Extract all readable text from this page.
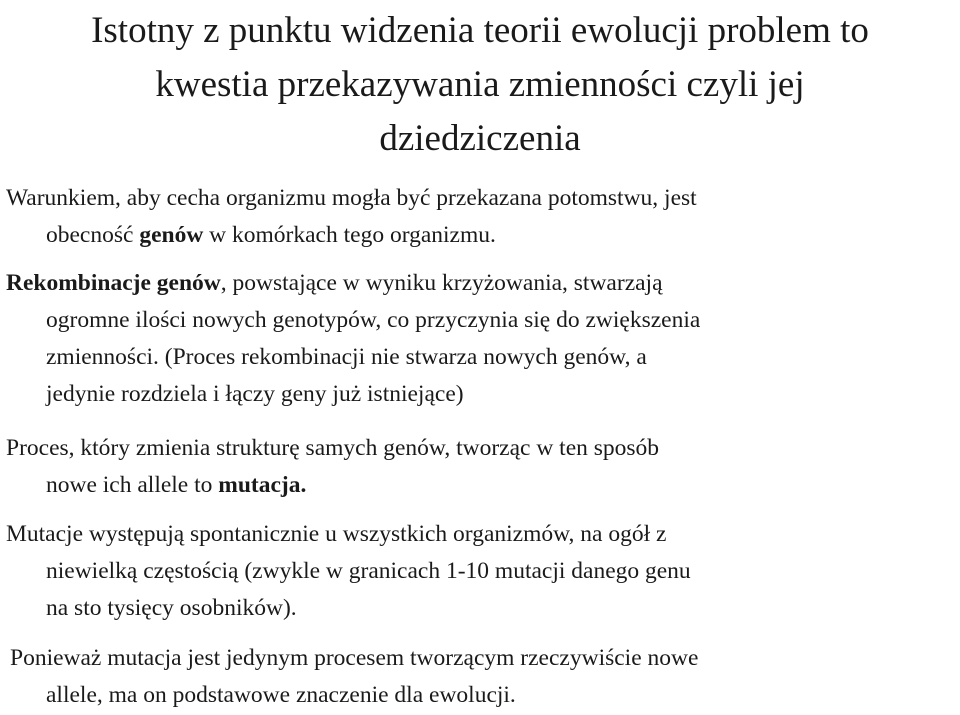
Istotny z punktu widzenia teorii ewolucji problem to
kwestia przekazywania zmienności czyli jej
dziedziczenia

Warunkiem, aby cecha organizmu mogła być przekazana potomstwu, jest
obecność genów w komórkach tego organizmu.

Rekombinacje genów, powstające w wyniku krzyżowania, stwarzają
ogromne ilości nowych genotypów, co przyczynia się do zwiększenia
zmienności. (Proces rekombinacji nie stwarza nowych genów, a
jedynie rozdziela i łączy geny już istniejące)

Proces, który zmienia strukturę samych genów, tworząc w ten sposób
nowe ich allele to mutacja.

Mutacje występują spontanicznie u wszystkich organizmów, na ogół z
niewielką częstością (zwykle w granicach 1-10 mutacji danego genu
na sto tysięcy osobników).

Ponieważ mutacja jest jedynym procesem tworzącym rzeczywiście nowe
allele, ma on podstawowe znaczenie dla ewolucji.
